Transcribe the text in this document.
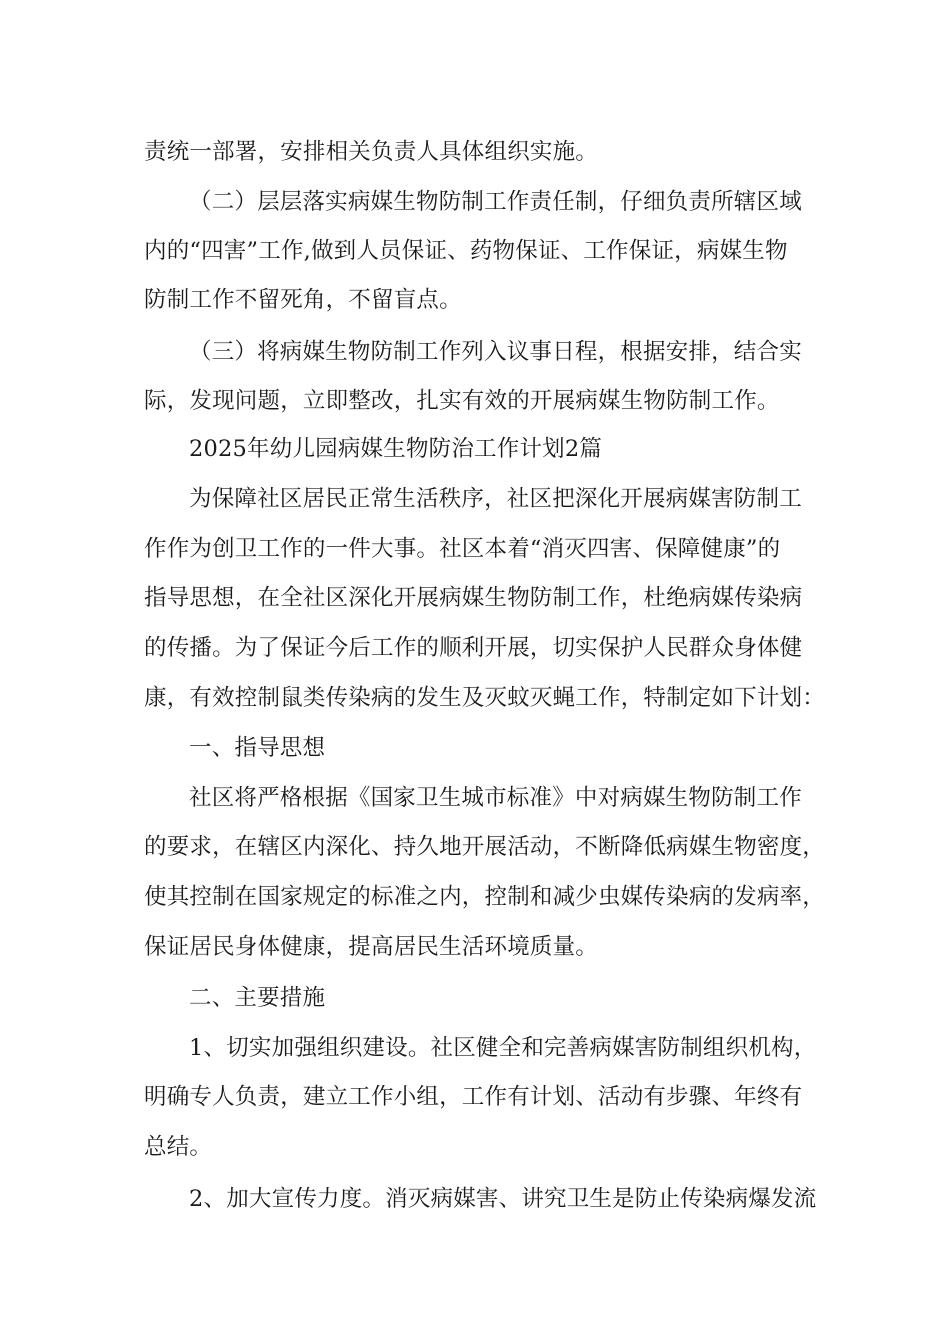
责统一部署，安排相关负责人具体组织实施。
（二）层层落实病媒生物防制工作责任制，仔细负责所辖区域
内的“四害”工作,做到人员保证、药物保证、工作保证，病媒生物
防制工作不留死角，不留盲点。
（三）将病媒生物防制工作列入议事日程，根据安排，结合实
际，发现问题，立即整改，扎实有效的开展病媒生物防制工作。
2025年幼儿园病媒生物防治工作计划2篇
为保障社区居民正常生活秩序，社区把深化开展病媒害防制工
作作为创卫工作的一件大事。社区本着“消灭四害、保障健康”的
指导思想，在全社区深化开展病媒生物防制工作，杜绝病媒传染病
的传播。为了保证今后工作的顺利开展，切实保护人民群众身体健
康，有效控制鼠类传染病的发生及灭蚊灭蝇工作，特制定如下计划：
一、指导思想
社区将严格根据《国家卫生城市标准》中对病媒生物防制工作
的要求，在辖区内深化、持久地开展活动，不断降低病媒生物密度，
使其控制在国家规定的标准之内，控制和减少虫媒传染病的发病率，
保证居民身体健康，提高居民生活环境质量。
二、主要措施
1、切实加强组织建设。社区健全和完善病媒害防制组织机构，
明确专人负责，建立工作小组，工作有计划、活动有步骤、年终有
总结。
2、加大宣传力度。消灭病媒害、讲究卫生是防止传染病爆发流
